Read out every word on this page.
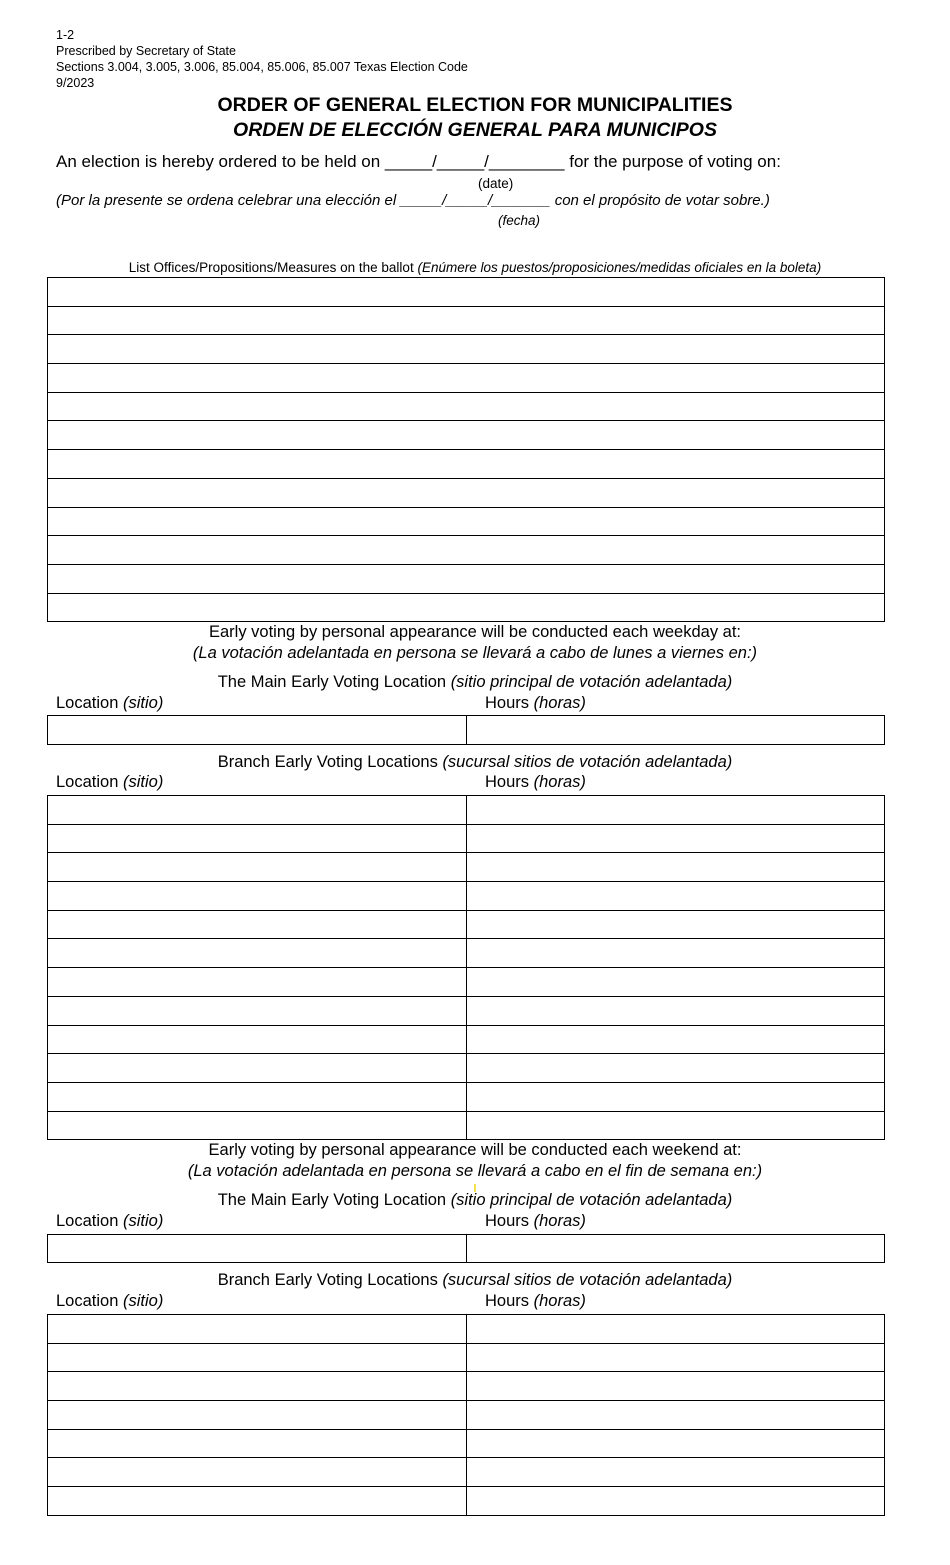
1-2
Prescribed by Secretary of State
Sections 3.004, 3.005, 3.006, 85.004, 85.006, 85.007 Texas Election Code
9/2023
ORDER OF GENERAL ELECTION FOR MUNICIPALITIES
ORDEN DE ELECCIÓN GENERAL PARA MUNICIPOS
An election is hereby ordered to be held on _____/_____/________ for the purpose of voting on:
(date)
(Por la presente se ordena celebrar una elección el _____/_____/_______ con el propósito de votar sobre.)
(fecha)
List Offices/Propositions/Measures on the ballot (Enúmere los puestos/proposiciones/medidas oficiales en la boleta)

Early voting by personal appearance will be conducted each weekday at:
(La votación adelantada en persona se llevará a cabo de lunes a viernes en:)
The Main Early Voting Location (sitio principal de votación adelantada)
Location (sitio)	Hours (horas)

Branch Early Voting Locations (sucursal sitios de votación adelantada)
Location (sitio)	Hours (horas)

Early voting by personal appearance will be conducted each weekend at:
(La votación adelantada en persona se llevará a cabo en el fin de semana en:)
The Main Early Voting Location (sitio principal de votación adelantada)
Location (sitio)	Hours (horas)

Branch Early Voting Locations (sucursal sitios de votación adelantada)
Location (sitio)	Hours (horas)
